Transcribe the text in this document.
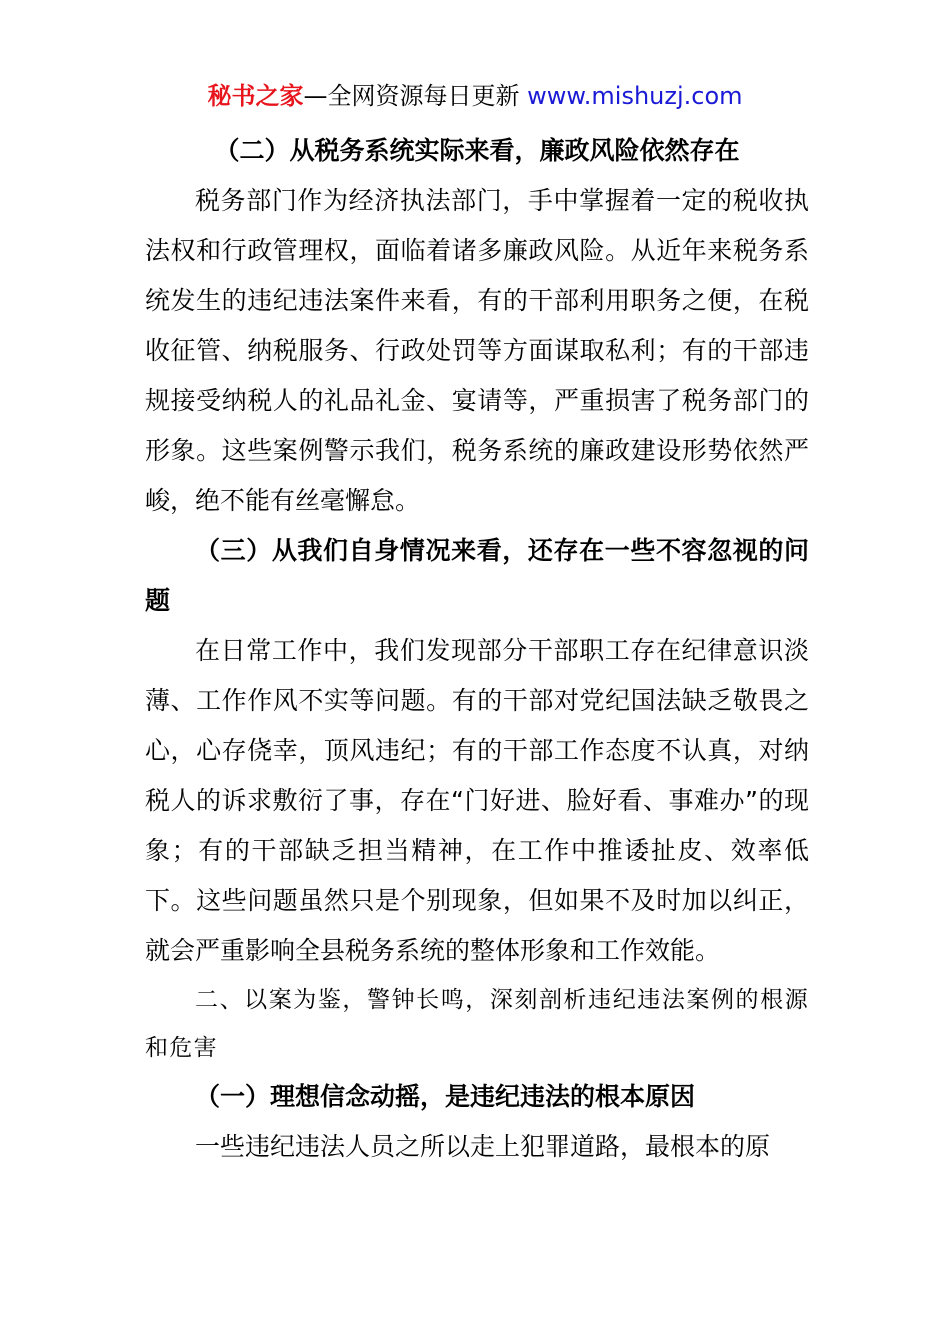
秘书之家—全网资源每日更新 www.mishuzj.com

（二）从税务系统实际来看，廉政风险依然存在

税务部门作为经济执法部门，手中掌握着一定的税收执法权和行政管理权，面临着诸多廉政风险。从近年来税务系统发生的违纪违法案件来看，有的干部利用职务之便，在税收征管、纳税服务、行政处罚等方面谋取私利；有的干部违规接受纳税人的礼品礼金、宴请等，严重损害了税务部门的形象。这些案例警示我们，税务系统的廉政建设形势依然严峻，绝不能有丝毫懈怠。

（三）从我们自身情况来看，还存在一些不容忽视的问题

在日常工作中，我们发现部分干部职工存在纪律意识淡薄、工作作风不实等问题。有的干部对党纪国法缺乏敬畏之心，心存侥幸，顶风违纪；有的干部工作态度不认真，对纳税人的诉求敷衍了事，存在“门好进、脸好看、事难办”的现象；有的干部缺乏担当精神，在工作中推诿扯皮、效率低下。这些问题虽然只是个别现象，但如果不及时加以纠正，就会严重影响全县税务系统的整体形象和工作效能。

二、以案为鉴，警钟长鸣，深刻剖析违纪违法案例的根源和危害

（一）理想信念动摇，是违纪违法的根本原因

一些违纪违法人员之所以走上犯罪道路，最根本的原
